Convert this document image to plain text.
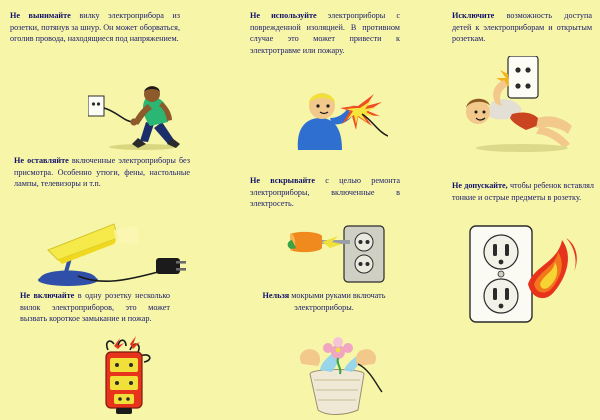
Не вынимайте вилку электроприбора из розетки, потянув за шнур. Он может оборваться, оголив провода, находящиеся под напряжением.
Не используйте электроприборы с поврежденной изоляцией. В противном случае это может привести к электротравме или пожару.
Исключите возможность доступа детей к электроприборам и открытым розеткам.
Не оставляйте включенные электроприборы без присмотра. Особенно утюги, фены, настольные лампы, телевизоры и т.п.	Не вскрывайте с целью ремонта электроприборы, включенные в электросеть.
Не допускайте, чтобы ребенок вставлял тонкие и острые предметы в розетку.
Не включайте в одну розетку несколько вилок электроприборов, это может вызвать короткое замыкание и пожар.
Нельзя мокрыми руками включать электроприборы.
